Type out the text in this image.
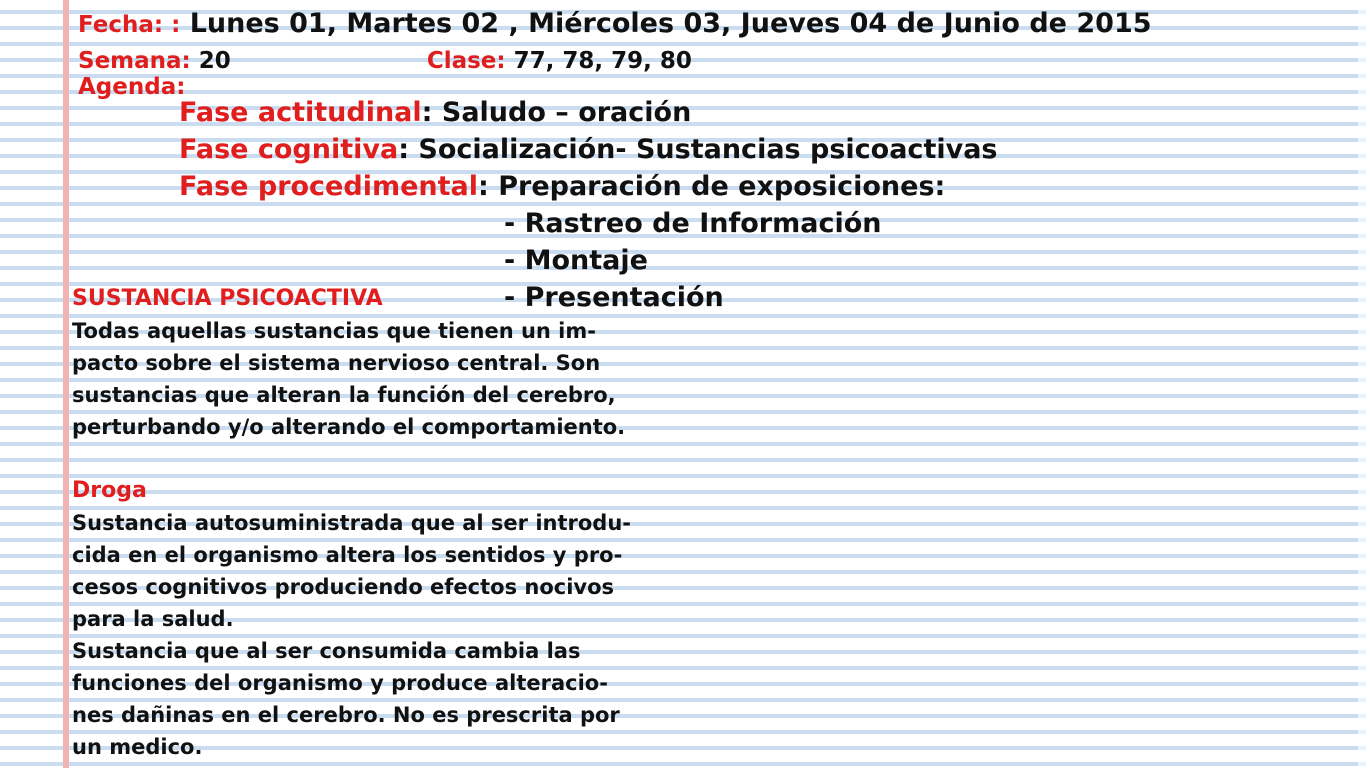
Fecha: : Lunes 01, Martes 02 , Miércoles 03, Jueves 04 de Junio de 2015
Semana: 20	Clase: 77, 78, 79, 80
Agenda:
Fase actitudinal: Saludo – oración
Fase cognitiva: Socialización- Sustancias psicoactivas
Fase procedimental: Preparación de exposiciones:
- Rastreo de Información
- Montaje
- Presentación
SUSTANCIA PSICOACTIVA

Todas aquellas sustancias que tienen un im-

pacto sobre el sistema nervioso central. Son

sustancias que alteran la función del cerebro,

perturbando y/o alterando el comportamiento.

Droga

Sustancia autosuministrada que al ser introdu-

cida en el organismo altera los sentidos y pro-

cesos cognitivos produciendo efectos nocivos

para la salud.

Sustancia que al ser consumida cambia las

funciones del organismo y produce alteracio-

nes dañinas en el cerebro. No es prescrita por

un medico.
